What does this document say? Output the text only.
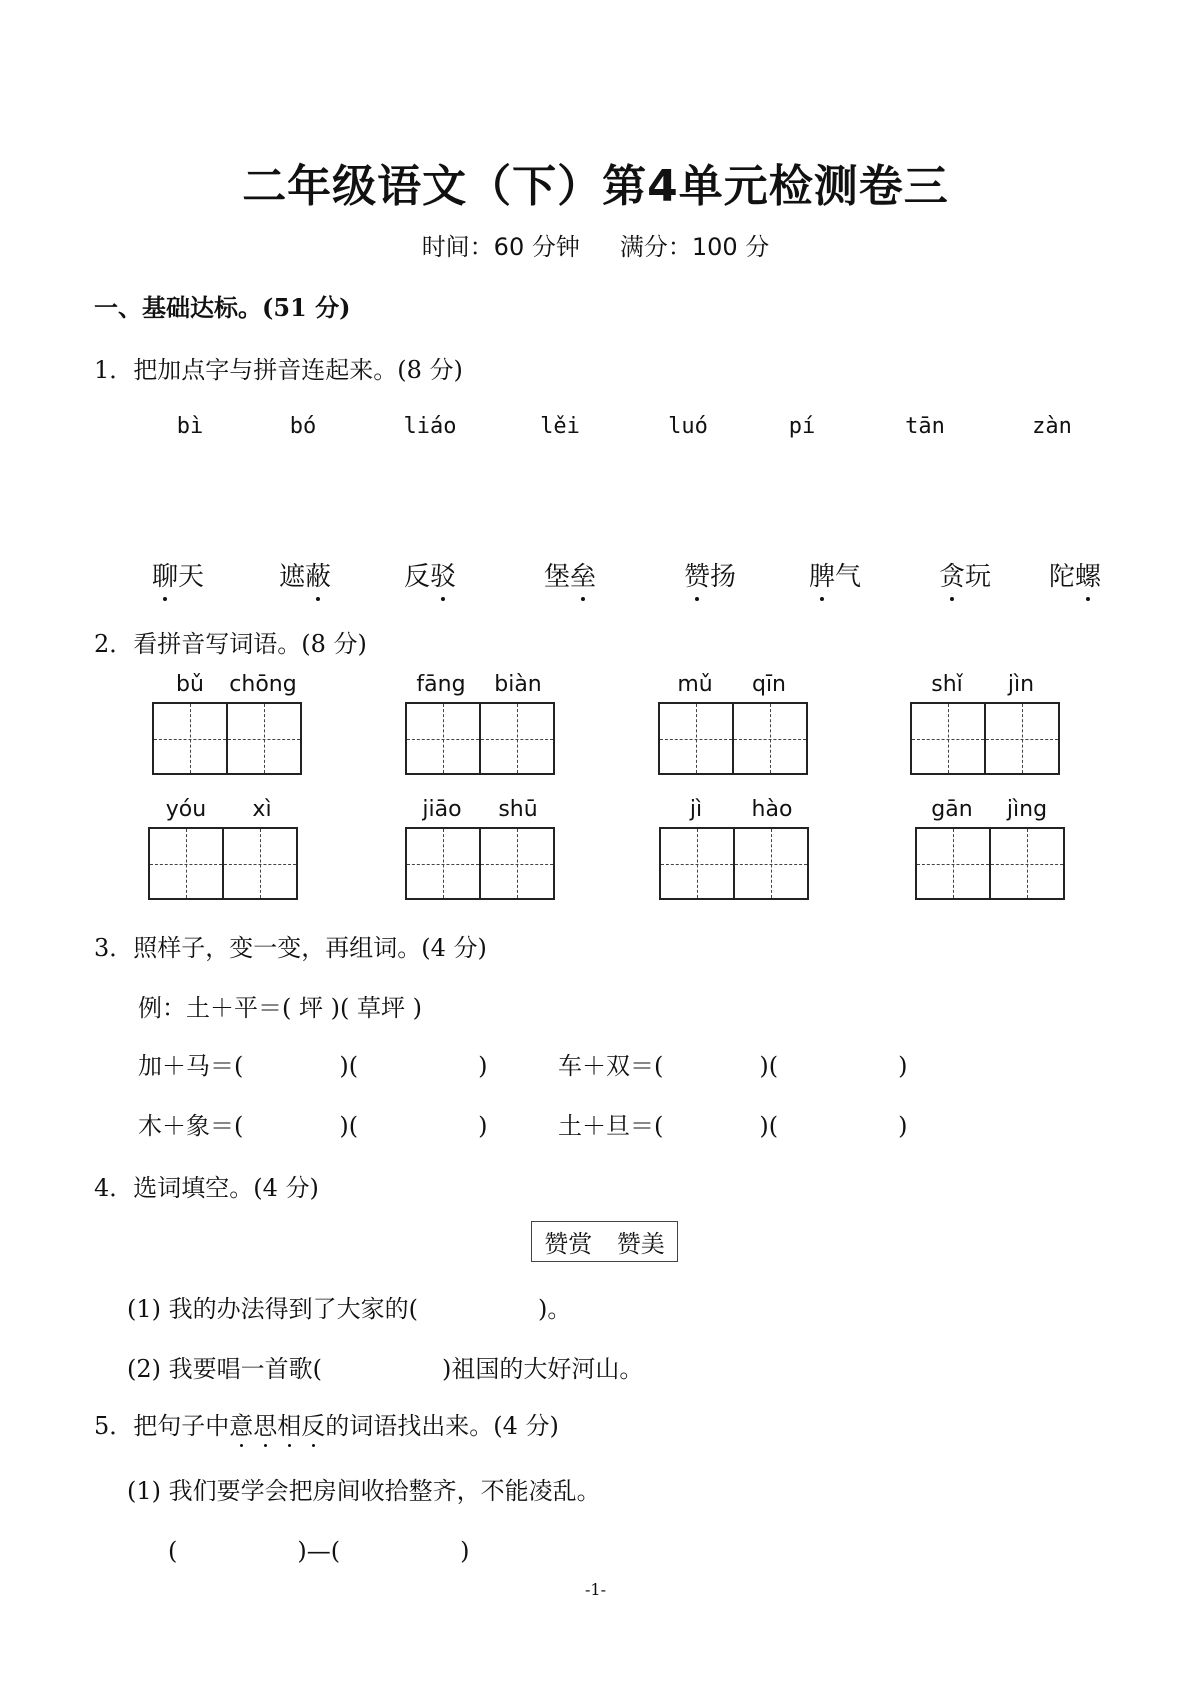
二年级语文（下）第4单元检测卷三
时间：60 分钟 满分：100 分
一、基础达标。(51 分)
1．把加点字与拼音连起来。(8 分)
bì	bó	liáo	lěi	luó	pí	tān	zàn
聊天	遮蔽	反驳	堡垒	赞扬	脾气	贪玩 陀螺
2．看拼音写词语。(8 分)
bǔ chōng	fāng biàn	mǔ qīn	shǐ jìn
yóu xì	jiāo shū	jì hào	gān jìng
3．照样子，变一变，再组词。(4 分)
例：土＋平＝( 坪 )( 草坪 )
加＋马＝(　　　　)(　　　　　)	车＋双＝(　　　　)(　　　　　)
木＋象＝(　　　　)(　　　　　)	土＋旦＝(　　　　)(　　　　　)
4．选词填空。(4 分)
赞赏 赞美
(1) 我的办法得到了大家的(　　　　　)。
(2) 我要唱一首歌(　　　　　)祖国的大好河山。
5．把句子中意思相反的词语找出来。(4 分)
(1) 我们要学会把房间收拾整齐，不能凌乱。
(　　　　　)—(　　　　　)
-1-
